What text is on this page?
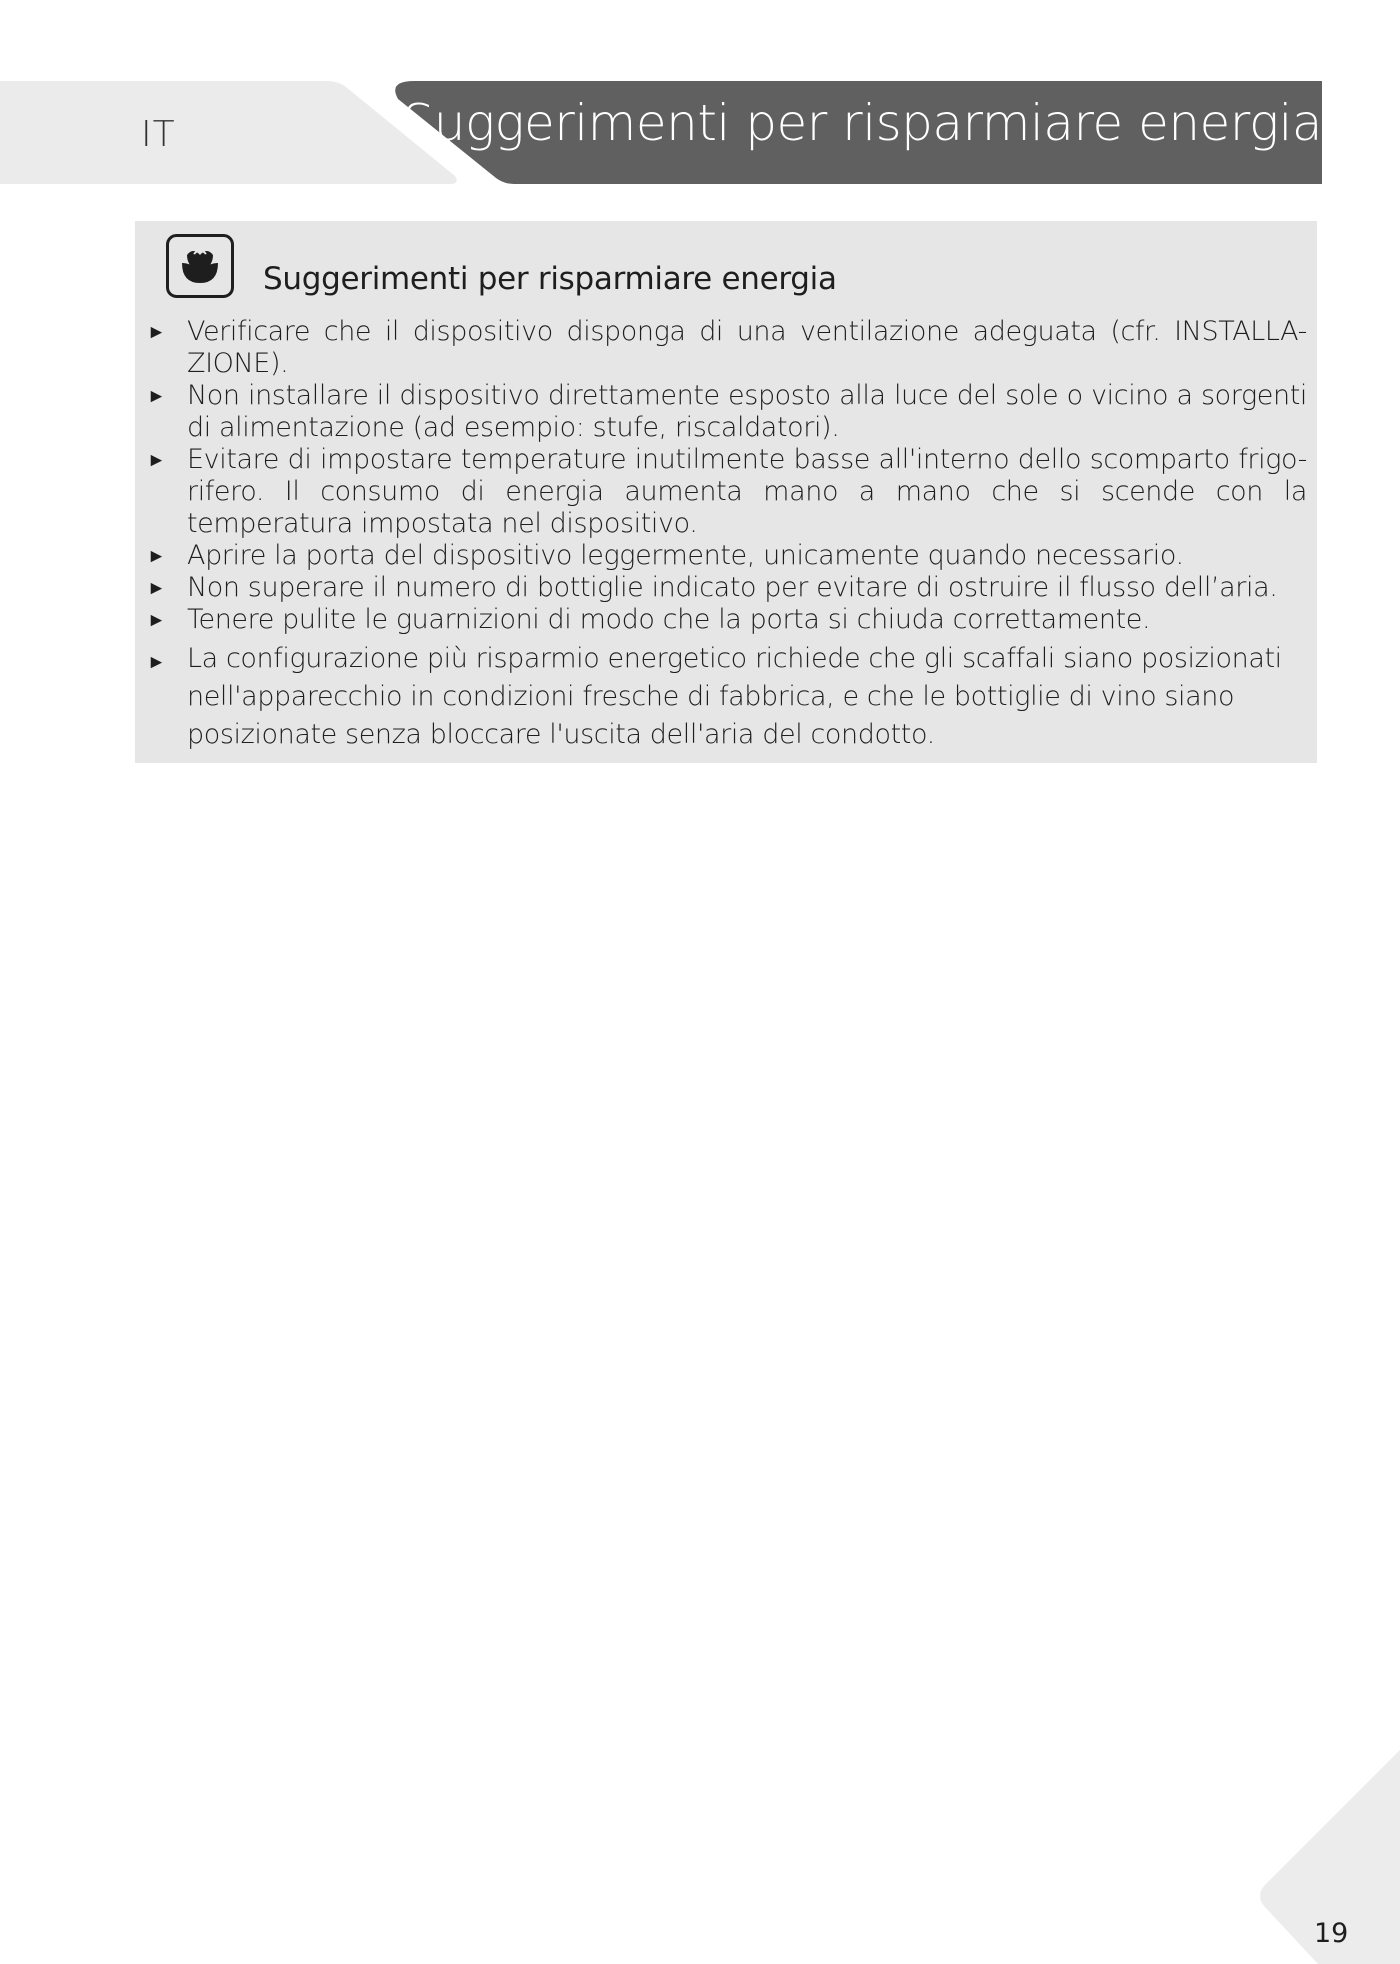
IT	Suggerimenti per risparmiare energia
Suggerimenti per risparmiare energia
► Verificare che il dispositivo disponga di una ventilazione adeguata (cfr. INSTALLA-ZIONE).
► Non installare il dispositivo direttamente esposto alla luce del sole o vicino a sorgenti di alimentazione (ad esempio: stufe, riscaldatori).
► Evitare di impostare temperature inutilmente basse all'interno dello scomparto frigo-rifero. Il consumo di energia aumenta mano a mano che si scende con la temperatura impostata nel dispositivo.
► Aprire la porta del dispositivo leggermente, unicamente quando necessario.
► Non superare il numero di bottiglie indicato per evitare di ostruire il flusso dell’aria.
► Tenere pulite le guarnizioni di modo che la porta si chiuda correttamente.
► La configurazione più risparmio energetico richiede che gli scaffali siano posizionati nell'apparecchio in condizioni fresche di fabbrica, e che le bottiglie di vino siano posizionate senza bloccare l'uscita dell'aria del condotto.
19
